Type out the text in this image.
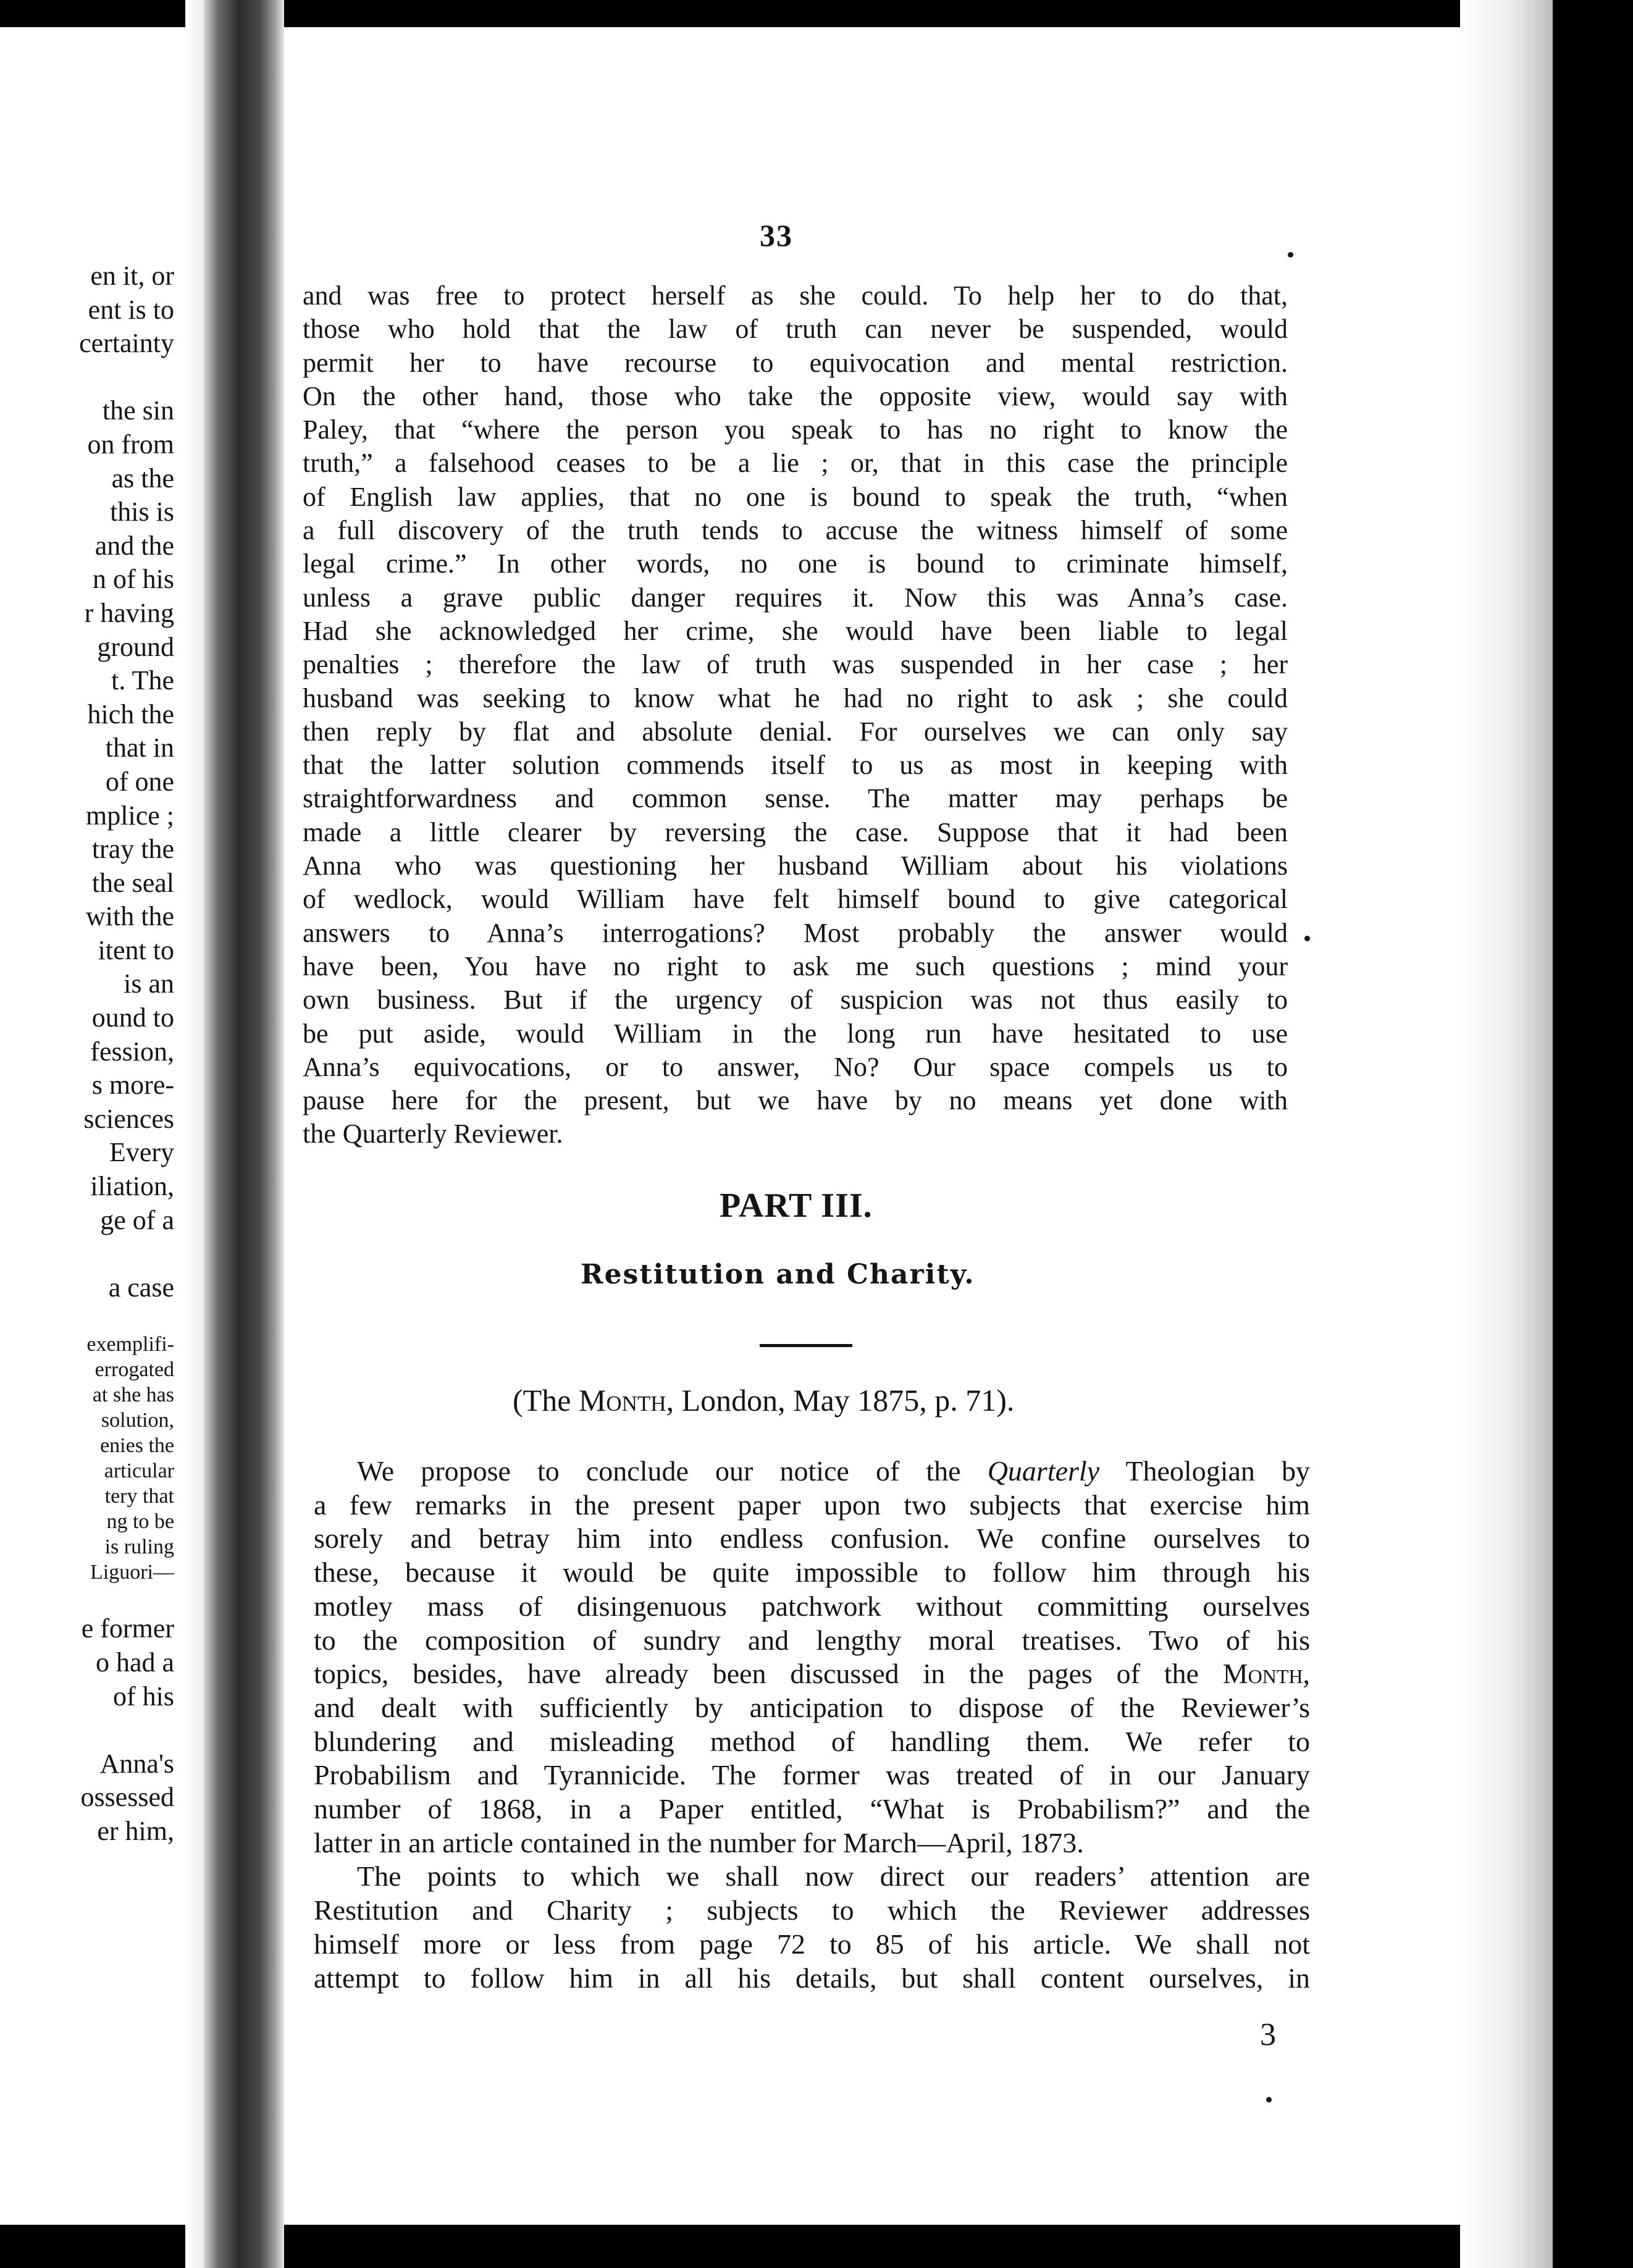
en it, or
ent is to
certainty

the sin
on from
as the
this is
and the
n of his
r having
ground
t. The
hich the
that in
of one
mplice ;
tray the
the seal
with the
itent to
is an
ound to
fession,
s more-
sciences
Every
iliation,
ge of a

a case
exemplifi-
errogated
at she has
solution,
enies the
articular
tery that
ng to be
is ruling
Liguori—
e former
o had a
of his

Anna's
ossessed
er him,
33
and was free to protect herself as she could. To help her to do that,
those who hold that the law of truth can never be suspended, would
permit her to have recourse to equivocation and mental restriction.
On the other hand, those who take the opposite view, would say with
Paley, that “where the person you speak to has no right to know the
truth,” a falsehood ceases to be a lie ; or, that in this case the principle
of English law applies, that no one is bound to speak the truth, “when
a full discovery of the truth tends to accuse the witness himself of some
legal crime.” In other words, no one is bound to criminate himself,
unless a grave public danger requires it. Now this was Anna’s case.
Had she acknowledged her crime, she would have been liable to legal
penalties ; therefore the law of truth was suspended in her case ; her
husband was seeking to know what he had no right to ask ; she could
then reply by flat and absolute denial. For ourselves we can only say
that the latter solution commends itself to us as most in keeping with
straightforwardness and common sense. The matter may perhaps be
made a little clearer by reversing the case. Suppose that it had been
Anna who was questioning her husband William about his violations
of wedlock, would William have felt himself bound to give categorical
answers to Anna’s interrogations? Most probably the answer would
have been, You have no right to ask me such questions ; mind your
own business. But if the urgency of suspicion was not thus easily to
be put aside, would William in the long run have hesitated to use
Anna’s equivocations, or to answer, No? Our space compels us to
pause here for the present, but we have by no means yet done with
the Quarterly Reviewer.
PART III.
Restitution and Charity.
(The Month, London, May 1875, p. 71).
We propose to conclude our notice of the Quarterly Theologian by
a few remarks in the present paper upon two subjects that exercise him
sorely and betray him into endless confusion. We confine ourselves to
these, because it would be quite impossible to follow him through his
motley mass of disingenuous patchwork without committing ourselves
to the composition of sundry and lengthy moral treatises. Two of his
topics, besides, have already been discussed in the pages of the Month,
and dealt with sufficiently by anticipation to dispose of the Reviewer’s
blundering and misleading method of handling them. We refer to
Probabilism and Tyrannicide. The former was treated of in our January
number of 1868, in a Paper entitled, “What is Probabilism?” and the
latter in an article contained in the number for March—April, 1873.
The points to which we shall now direct our readers’ attention are
Restitution and Charity ; subjects to which the Reviewer addresses
himself more or less from page 72 to 85 of his article. We shall not
attempt to follow him in all his details, but shall content ourselves, in
3
